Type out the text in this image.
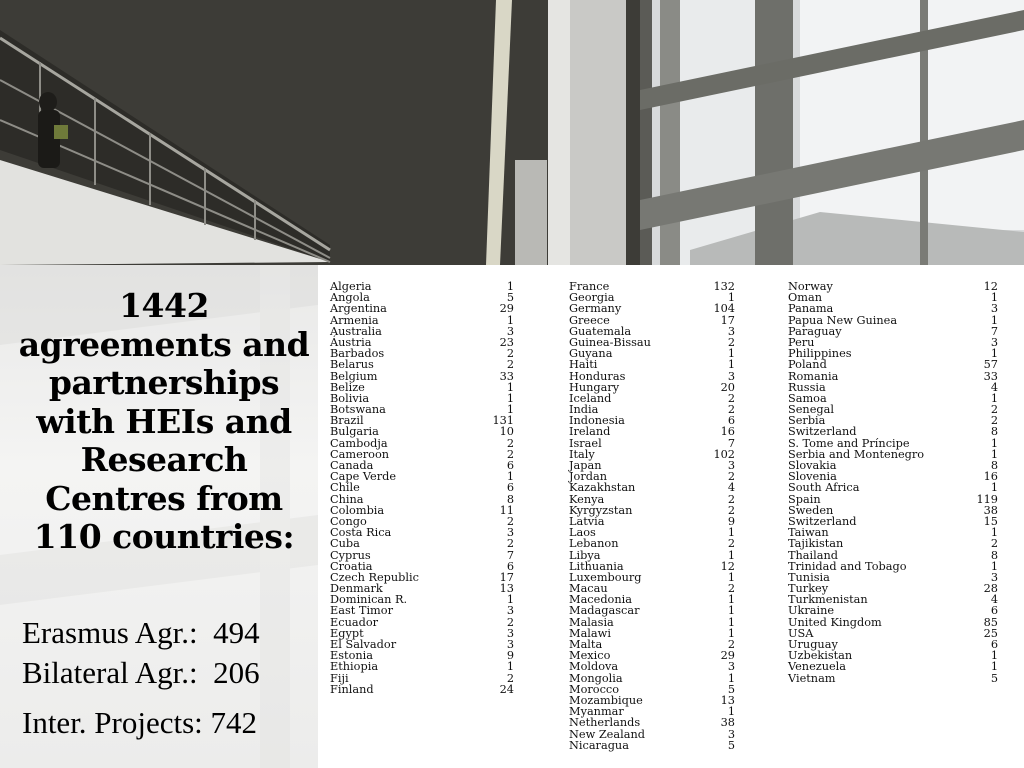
1442 agreements and partnerships with HEIs and Research Centres from 110 countries:
Erasmus Agr.: 494
Bilateral Agr.: 206
Inter. Projects: 742
Algeria	1
Angola	5
Argentina	29
Armenia	1
Australia	3
Áustria	23
Barbados	2
Belarus	2
Belgium	33
Belize	1
Bolivia	1
Botswana	1
Brazil	131
Bulgaria	10
Cambodja	2
Cameroon	2
Canada	6
Cape Verde	1
Chile	6
China	8
Colombia	11
Congo	2
Costa Rica	3
Cuba	2
Cyprus	7
Croatia	6
Czech Republic	17
Denmark	13
Dominican R.	1
East Timor	3
Ecuador	2
Egypt	3
El Salvador	3
Estonia	9
Ethiopia	1
Fiji	2
Finland	24
France	132
Georgia	1
Germany	104
Greece	17
Guatemala	3
Guinea-Bissau	2
Guyana	1
Haiti	1
Honduras	3
Hungary	20
Iceland	2
India	2
Indonesia	6
Ireland	16
Israel	7
Italy	102
Japan	3
Jordan	2
Kazakhstan	4
Kenya	2
Kyrgyzstan	2
Latvia	9
Laos	1
Lebanon	2
Libya	1
Lithuania	12
Luxembourg	1
Macau	2
Macedonia	1
Madagascar	1
Malasia	1
Malawi	1
Malta	2
Mexico	29
Moldova	3
Mongolia	1
Morocco	5
Mozambique	13
Myanmar	1
Netherlands	38
New Zealand	3
Nicaragua	5
Norway	12
Oman	1
Panama	3
Papua New Guinea	1
Paraguay	7
Peru	3
Philippines	1
Poland	57
Romania	33
Russia	4
Samoa	1
Senegal	2
Serbia	2
Switzerland	8
S. Tome and Príncipe	1
Serbia and Montenegro	1
Slovakia	8
Slovenia	16
South Africa	1
Spain	119
Sweden	38
Switzerland	15
Taiwan	1
Tajikistan	2
Thailand	8
Trinidad and Tobago	1
Tunisia	3
Turkey	28
Turkmenistan	4
Ukraine	6
United Kingdom	85
USA	25
Uruguay	6
Uzbekistan	1
Venezuela	1
Vietnam	5
